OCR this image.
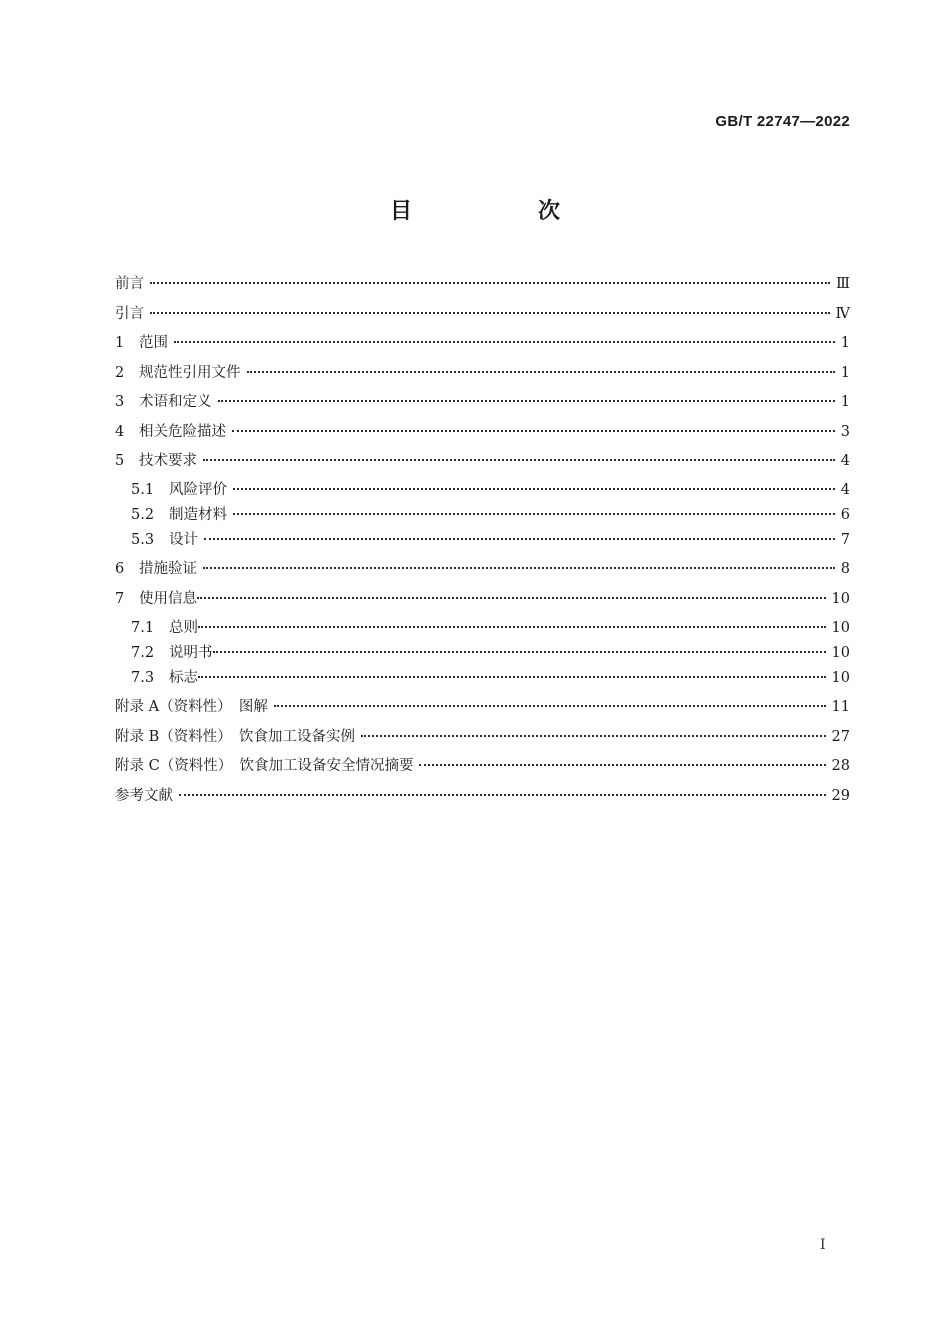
GB/T 22747—2022
目　次
前言	Ⅲ
引言	Ⅳ
1	范围	1
2	规范性引用文件	1
3	术语和定义	1
4	相关危险描述	3
5	技术要求	4
5.1	风险评价	4
5.2	制造材料	6
5.3	设计	7
6	措施验证	8
7	使用信息	10
7.1	总则	10
7.2	说明书	10
7.3	标志	10
附录 A（资料性）　图解	11
附录 B（资料性）　饮食加工设备实例	27
附录 C（资料性）　饮食加工设备安全情况摘要	28
参考文献	29
I
